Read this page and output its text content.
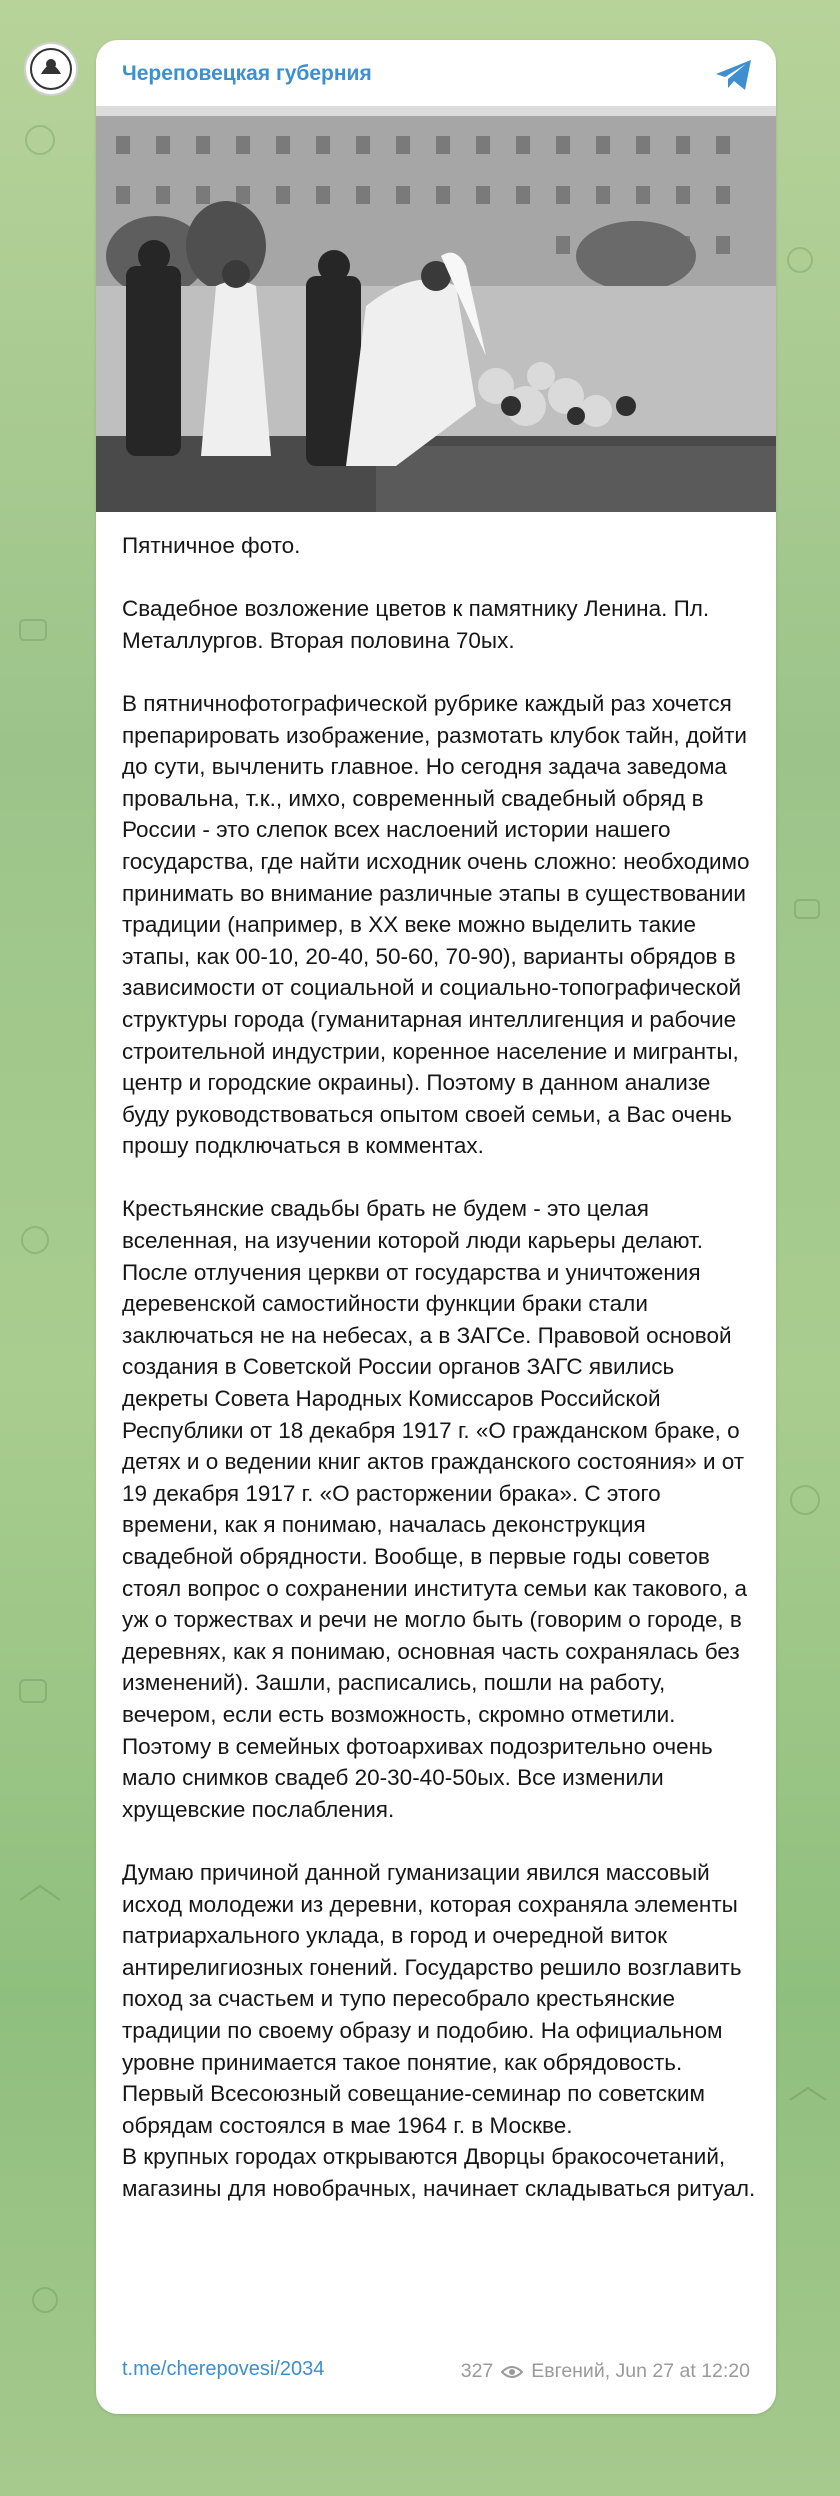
Череповецкая губерния

Пятничное фото.

Свадебное возложение цветов к памятнику Ленина. Пл. Металлургов. Вторая половина 70ых.

В пятничнофотографической рубрике каждый раз хочется препарировать изображение, размотать клубок тайн, дойти до сути, вычленить главное. Но сегодня задача заведома провальна, т.к., имхо, современный свадебный обряд в России - это слепок всех наслоений истории нашего государства, где найти исходник очень сложно: необходимо принимать во внимание различные этапы в существовании традиции (например, в XX веке можно выделить такие этапы, как 00-10, 20-40, 50-60, 70-90), варианты обрядов в зависимости от социальной и социально-топографической структуры города (гуманитарная интеллигенция и рабочие строительной индустрии, коренное население и мигранты, центр и городские окраины). Поэтому в данном анализе буду руководствоваться опытом своей семьи, а Вас очень прошу подключаться в комментах.

Крестьянские свадьбы брать не будем - это целая вселенная, на изучении которой люди карьеры делают. После отлучения церкви от государства и уничтожения деревенской самостийности функции браки стали заключаться не на небесах, а в ЗАГСе. Правовой основой создания в Советской России органов ЗАГС явились декреты Совета Народных Комиссаров Российской Республики от 18 декабря 1917 г. «О гражданском браке, о детях и о ведении книг актов гражданского состояния» и от 19 декабря 1917 г. «О расторжении брака». С этого времени, как я понимаю, началась деконструкция свадебной обрядности. Вообще, в первые годы советов стоял вопрос о сохранении института семьи как такового, а уж о торжествах и речи не могло быть (говорим о городе, в деревнях, как я понимаю, основная часть сохранялась без изменений). Зашли, расписались, пошли на работу, вечером, если есть возможность, скромно отметили. Поэтому в семейных фотоархивах подозрительно очень мало снимков свадеб 20-30-40-50ых. Все изменили хрущевские послабления.

Думаю причиной данной гуманизации явился массовый исход молодежи из деревни, которая сохраняла элементы патриархального уклада, в город и очередной виток антирелигиозных гонений. Государство решило возглавить поход за счастьем и тупо пересобрало крестьянские традиции по своему образу и подобию. На официальном уровне принимается такое понятие, как обрядовость. Первый Всесоюзный совещание-семинар по советским обрядам состоялся в мае 1964 г. в Москве.

В крупных городах открываются Дворцы бракосочетаний, магазины для новобрачных, начинает складываться ритуал.

t.me/cherepovesi/2034	327 Евгений, Jun 27 at 12:20
